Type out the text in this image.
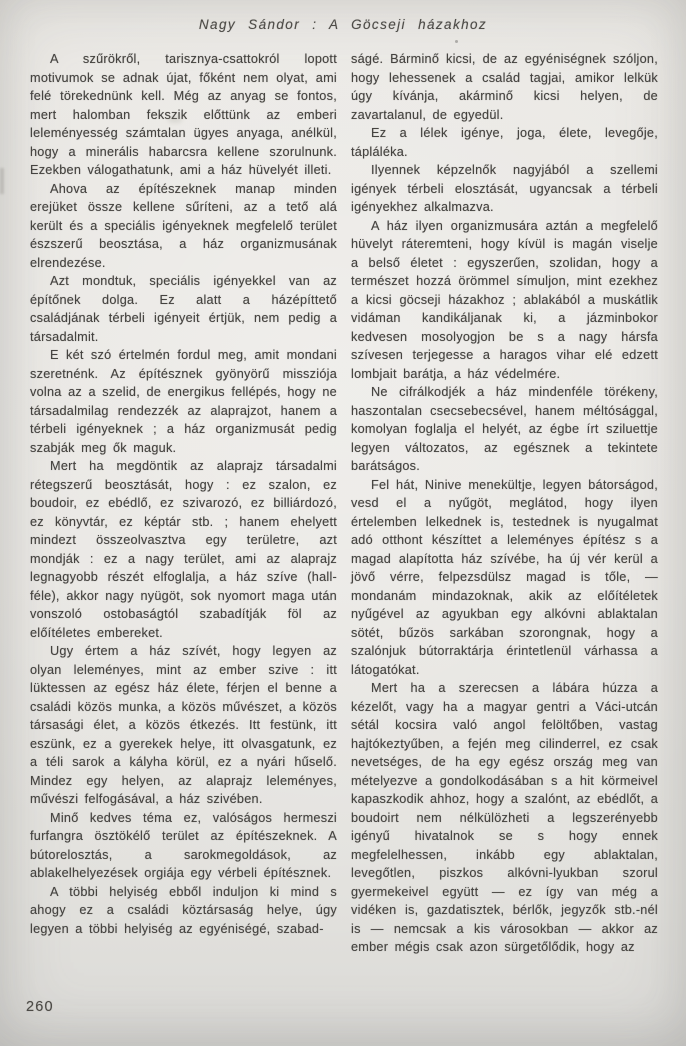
Nagy Sándor : A Göcseji házakhoz

A szűrökről, tarisznya-csattokról lopott motivumok se adnak újat, főként nem olyat, ami felé törekednünk kell. Még az anyag se fontos, mert halomban fekszik előttünk az emberi leleményesség számtalan ügyes anyaga, anélkül, hogy a minerális habarcsra kellene szorulnunk. Ezekben válogathatunk, ami a ház hüvelyét illeti.

Ahova az építészeknek manap minden erejüket össze kellene sűríteni, az a tető alá került és a speciális igényeknek megfelelő terület észszerű beosztása, a ház organizmusának elrendezése.

Azt mondtuk, speciális igényekkel van az építőnek dolga. Ez alatt a házépíttető családjának térbeli igényeit értjük, nem pedig a társadalmit.

E két szó értelmén fordul meg, amit mondani szeretnénk. Az építésznek gyönyörű missziója volna az a szelid, de energikus fellépés, hogy ne társadalmilag rendezzék az alaprajzot, hanem a térbeli igényeknek ; a ház organizmusát pedig szabják meg ők maguk.

Mert ha megdöntik az alaprajz társadalmi rétegszerű beosztását, hogy : ez szalon, ez boudoir, ez ebédlő, ez szivarozó, ez billiárdozó, ez könyvtár, ez képtár stb. ; hanem ehelyett mindezt összeolvasztva egy területre, azt mondják : ez a nagy terület, ami az alaprajz legnagyobb részét elfoglalja, a ház szíve (hall-féle), akkor nagy nyügöt, sok nyomort maga után vonszoló ostobaságtól szabadítják föl az előítéletes embereket.

Ugy értem a ház szívét, hogy legyen az olyan leleményes, mint az ember szive : itt lüktessen az egész ház élete, férjen el benne a családi közös munka, a közös művészet, a közös társasági élet, a közös étkezés. Itt festünk, itt eszünk, ez a gyerekek helye, itt olvasgatunk, ez a téli sarok a kályha körül, ez a nyári hűselő. Mindez egy helyen, az alaprajz leleményes, művészi felfogásával, a ház szivében.

Minő kedves téma ez, valóságos hermeszi furfangra ösztökélő terület az építészeknek. A bútorelosztás, a sarokmegoldások, az ablakelhelyezések orgiája egy vérbeli építésznek.

A többi helyiség ebből induljon ki mind s ahogy ez a családi köztársaság helye, úgy legyen a többi helyiség az egyéniségé, szabad-

ságé. Bárminő kicsi, de az egyéniségnek szóljon, hogy lehessenek a család tagjai, amikor lelkük úgy kívánja, akárminő kicsi helyen, de zavartalanul, de egyedül.

Ez a lélek igénye, joga, élete, levegője, tápláléka.

Ilyennek képzelnők nagyjából a szellemi igények térbeli elosztását, ugyancsak a térbeli igényekhez alkalmazva.

A ház ilyen organizmusára aztán a megfelelő hüvelyt ráteremteni, hogy kívül is magán viselje a belső életet : egyszerűen, szolidan, hogy a természet hozzá örömmel símuljon, mint ezekhez a kicsi göcseji házakhoz ; ablakából a muskátlik vidáman kandikáljanak ki, a jázminbokor kedvesen mosolyogjon be s a nagy hársfa szívesen terjegesse a haragos vihar elé edzett lombjait barátja, a ház védelmére.

Ne cifrálkodjék a ház mindenféle törékeny, haszontalan csecsebecsével, hanem méltósággal, komolyan foglalja el helyét, az égbe írt sziluettje legyen változatos, az egésznek a tekintete barátságos.

Fel hát, Ninive menekültje, legyen bátorságod, vesd el a nyűgöt, meglátod, hogy ilyen értelemben lelkednek is, testednek is nyugalmat adó otthont készíttet a leleményes építész s a magad alapította ház szívébe, ha új vér kerül a jövő vérre, felpezsdülsz magad is tőle, — mondanám mindazoknak, akik az előítéletek nyűgével az agyukban egy alkóvni ablaktalan sötét, bűzös sarkában szorongnak, hogy a szalónjuk bútorraktárja érintetlenül várhassa a látogatókat.

Mert ha a szerecsen a lábára húzza a kézelőt, vagy ha a magyar gentri a Váci-utcán sétál kocsira való angol felöltőben, vastag hajtókeztyűben, a fején meg cilinderrel, ez csak nevetséges, de ha egy egész ország meg van mételyezve a gondolkodásában s a hit körmeivel kapaszkodik ahhoz, hogy a szalónt, az ebédlőt, a boudoirt nem nélkülözheti a legszerényebb igényű hivatalnok se s hogy ennek megfelelhessen, inkább egy ablaktalan, levegőtlen, piszkos alkóvni-lyukban szorul gyermekeivel együtt — ez így van még a vidéken is, gazdatisztek, bérlők, jegyzők stb.-nél is — nemcsak a kis városokban — akkor az ember mégis csak azon sürgetőlődik, hogy az

260
